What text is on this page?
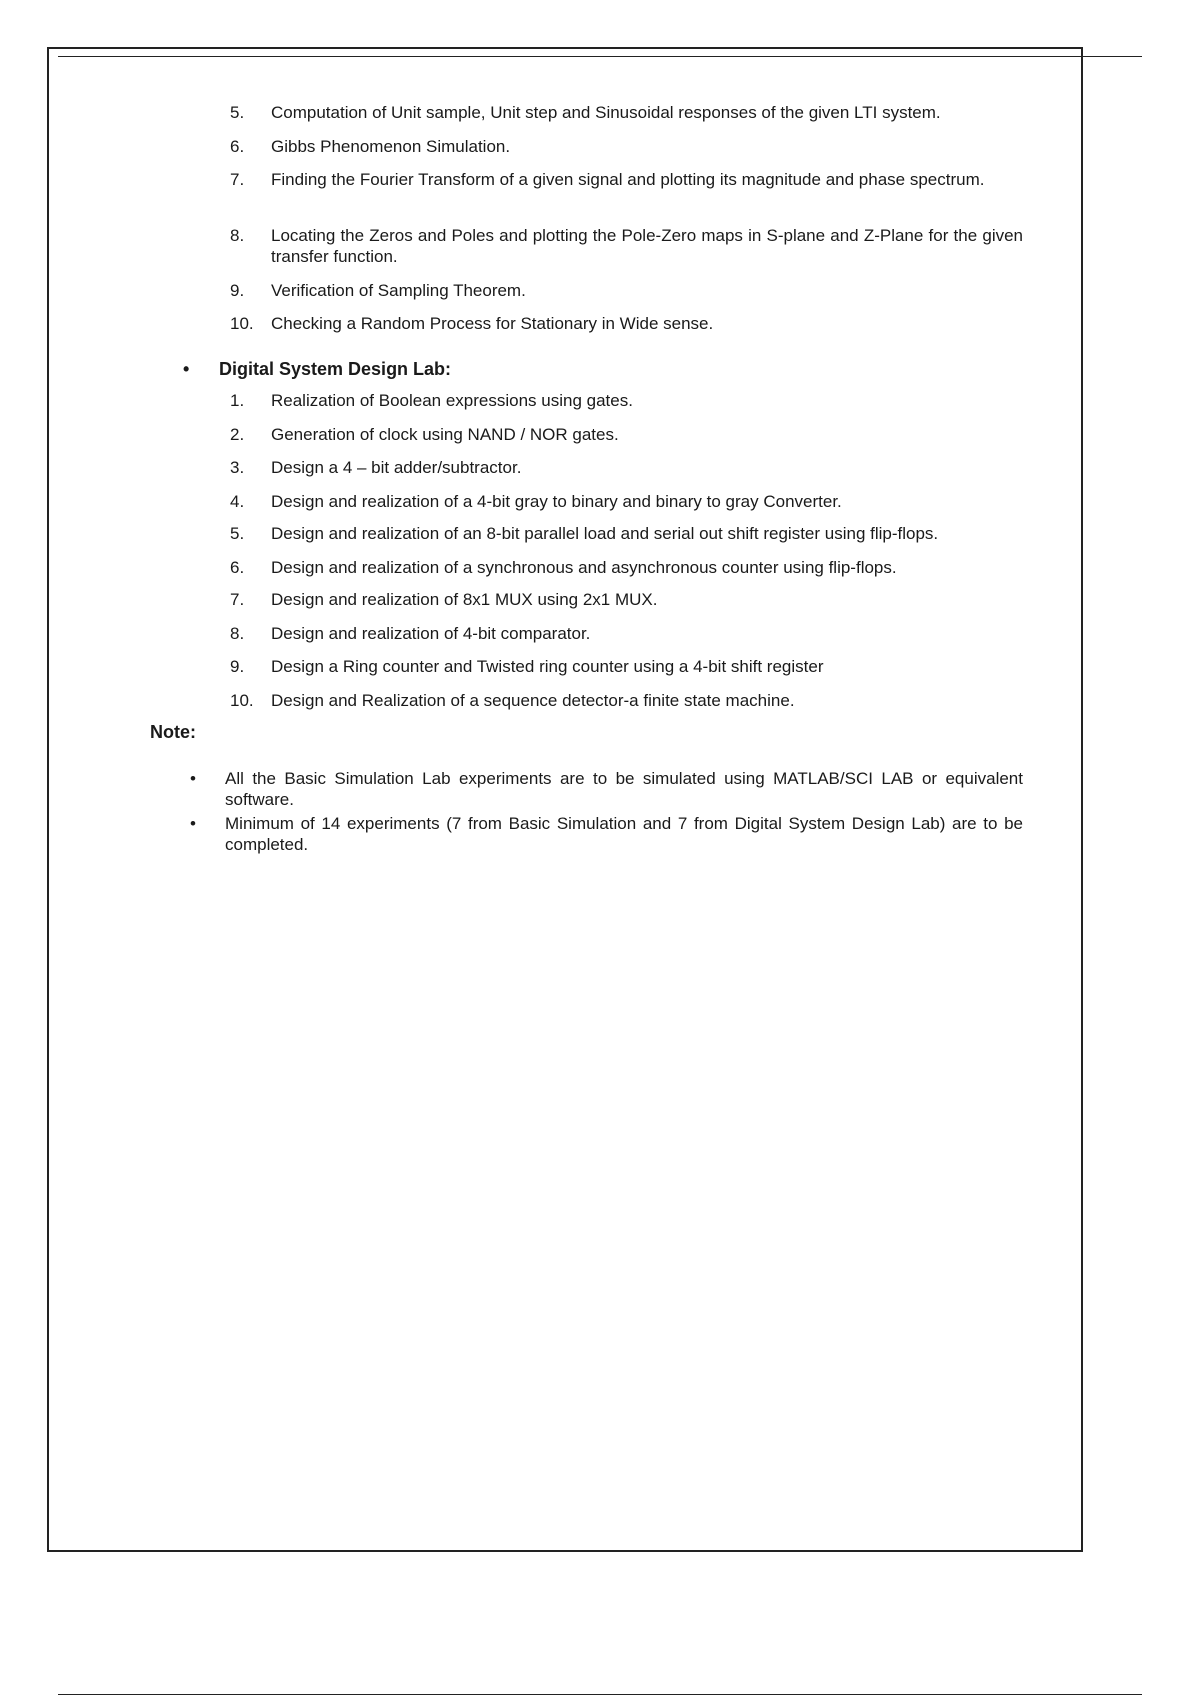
5. Computation of Unit sample, Unit step and Sinusoidal responses of the given LTI system.
6. Gibbs Phenomenon Simulation.
7. Finding the Fourier Transform of a given signal and plotting its magnitude and phase spectrum.
8. Locating the Zeros and Poles and plotting the Pole-Zero maps in S-plane and Z-Plane for the given transfer function.
9. Verification of Sampling Theorem.
10. Checking a Random Process for Stationary in Wide sense.
• Digital System Design Lab:
1. Realization of Boolean expressions using gates.
2. Generation of clock using NAND / NOR gates.
3. Design a 4 – bit adder/subtractor.
4. Design and realization of a 4-bit gray to binary and binary to gray Converter.
5. Design and realization of an 8-bit parallel load and serial out shift register using flip-flops.
6. Design and realization of a synchronous and asynchronous counter using flip-flops.
7. Design and realization of 8x1 MUX using 2x1 MUX.
8. Design and realization of 4-bit comparator.
9. Design a Ring counter and Twisted ring counter using a 4-bit shift register
10. Design and Realization of a sequence detector-a finite state machine.
Note:
• All the Basic Simulation Lab experiments are to be simulated using MATLAB/SCI LAB or equivalent software.
• Minimum of 14 experiments (7 from Basic Simulation and 7 from Digital System Design Lab) are to be completed.
